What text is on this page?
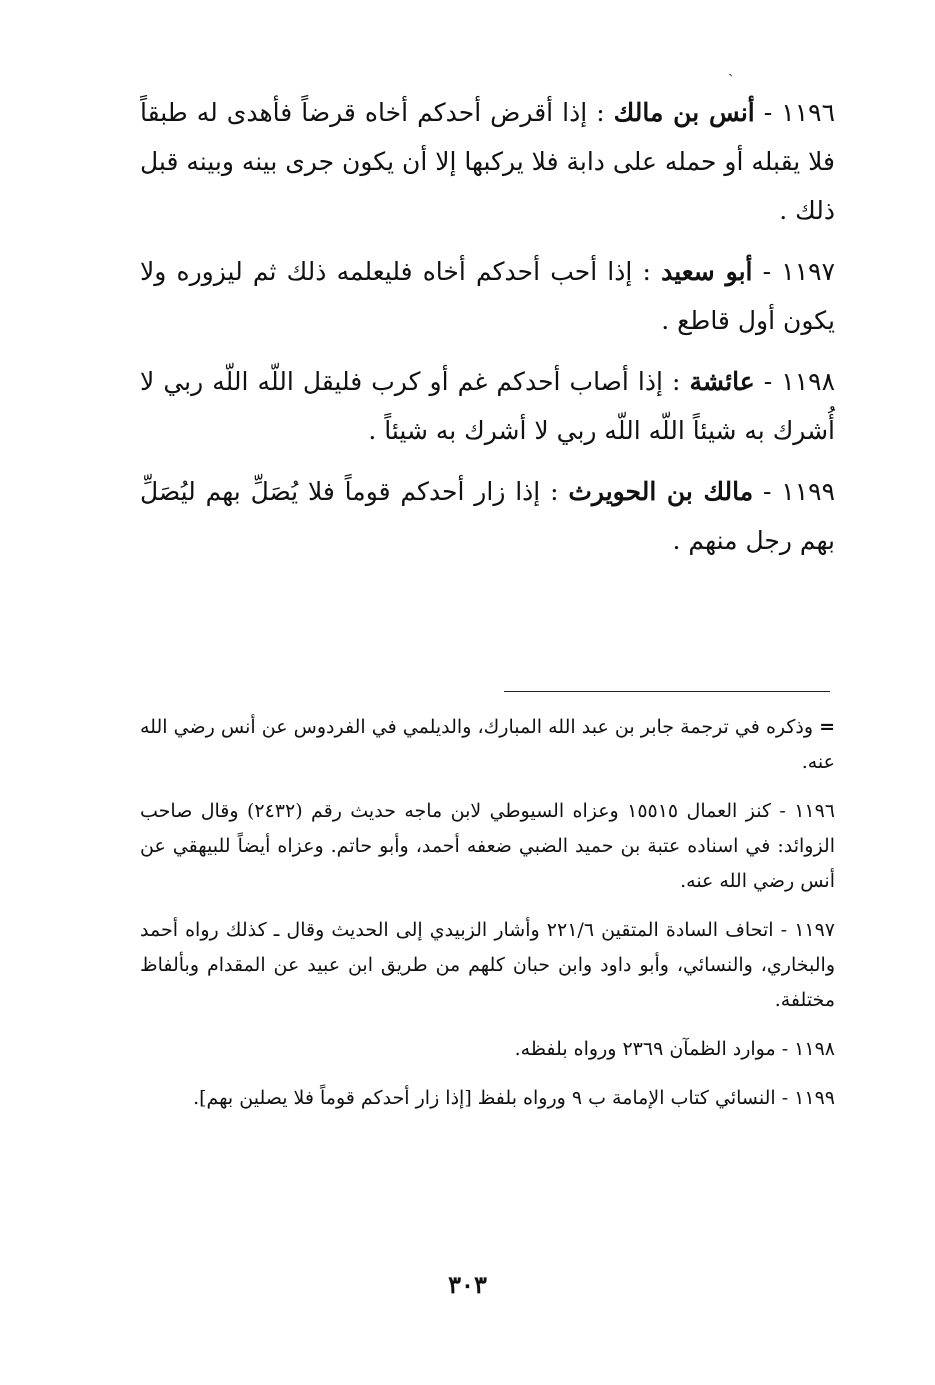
ˏ

١١٩٦ - أنس بن مالك : إذا أقرض أحدكم أخاه قرضاً فأهدى له طبقاً فلا يقبله أو حمله على دابة فلا يركبها إلا أن يكون جرى بينه وبينه قبل ذلك .

١١٩٧ - أبو سعيد : إذا أحب أحدكم أخاه فليعلمه ذلك ثم ليزوره ولا يكون أول قاطع .

١١٩٨ - عائشة : إذا أصاب أحدكم غم أو كرب فليقل اللّه اللّه ربي لا أُشرك به شيئاً اللّه اللّه ربي لا أشرك به شيئاً .

١١٩٩ - مالك بن الحويرث : إذا زار أحدكم قوماً فلا يُصَلِّ بهم ليُصَلِّ بهم رجل منهم .

=وذكره في ترجمة جابر بن عبد الله المبارك، والديلمي في الفردوس عن أنس رضي الله عنه.

١١٩٦ - كنز العمال ١٥٥١٥ وعزاه السيوطي لابن ماجه حديث رقم (٢٤٣٢) وقال صاحب الزوائد: في اسناده عتبة بن حميد الضبي ضعفه أحمد، وأبو حاتم. وعزاه أيضاً للبيهقي عن أنس رضي الله عنه.

١١٩٧ - اتحاف السادة المتقين ٢٢١/٦ وأشار الزبيدي إلى الحديث وقال ـ كذلك رواه أحمد والبخاري، والنسائي، وأبو داود وابن حبان كلهم من طريق ابن عبيد عن المقدام وبألفاظ مختلفة.

١١٩٨ - موارد الظمآن ٢٣٦٩ ورواه بلفظه.

١١٩٩ - النسائي كتاب الإمامة ب ٩ ورواه بلفظ [إذا زار أحدكم قوماً فلا يصلين بهم].

٣٠٣
